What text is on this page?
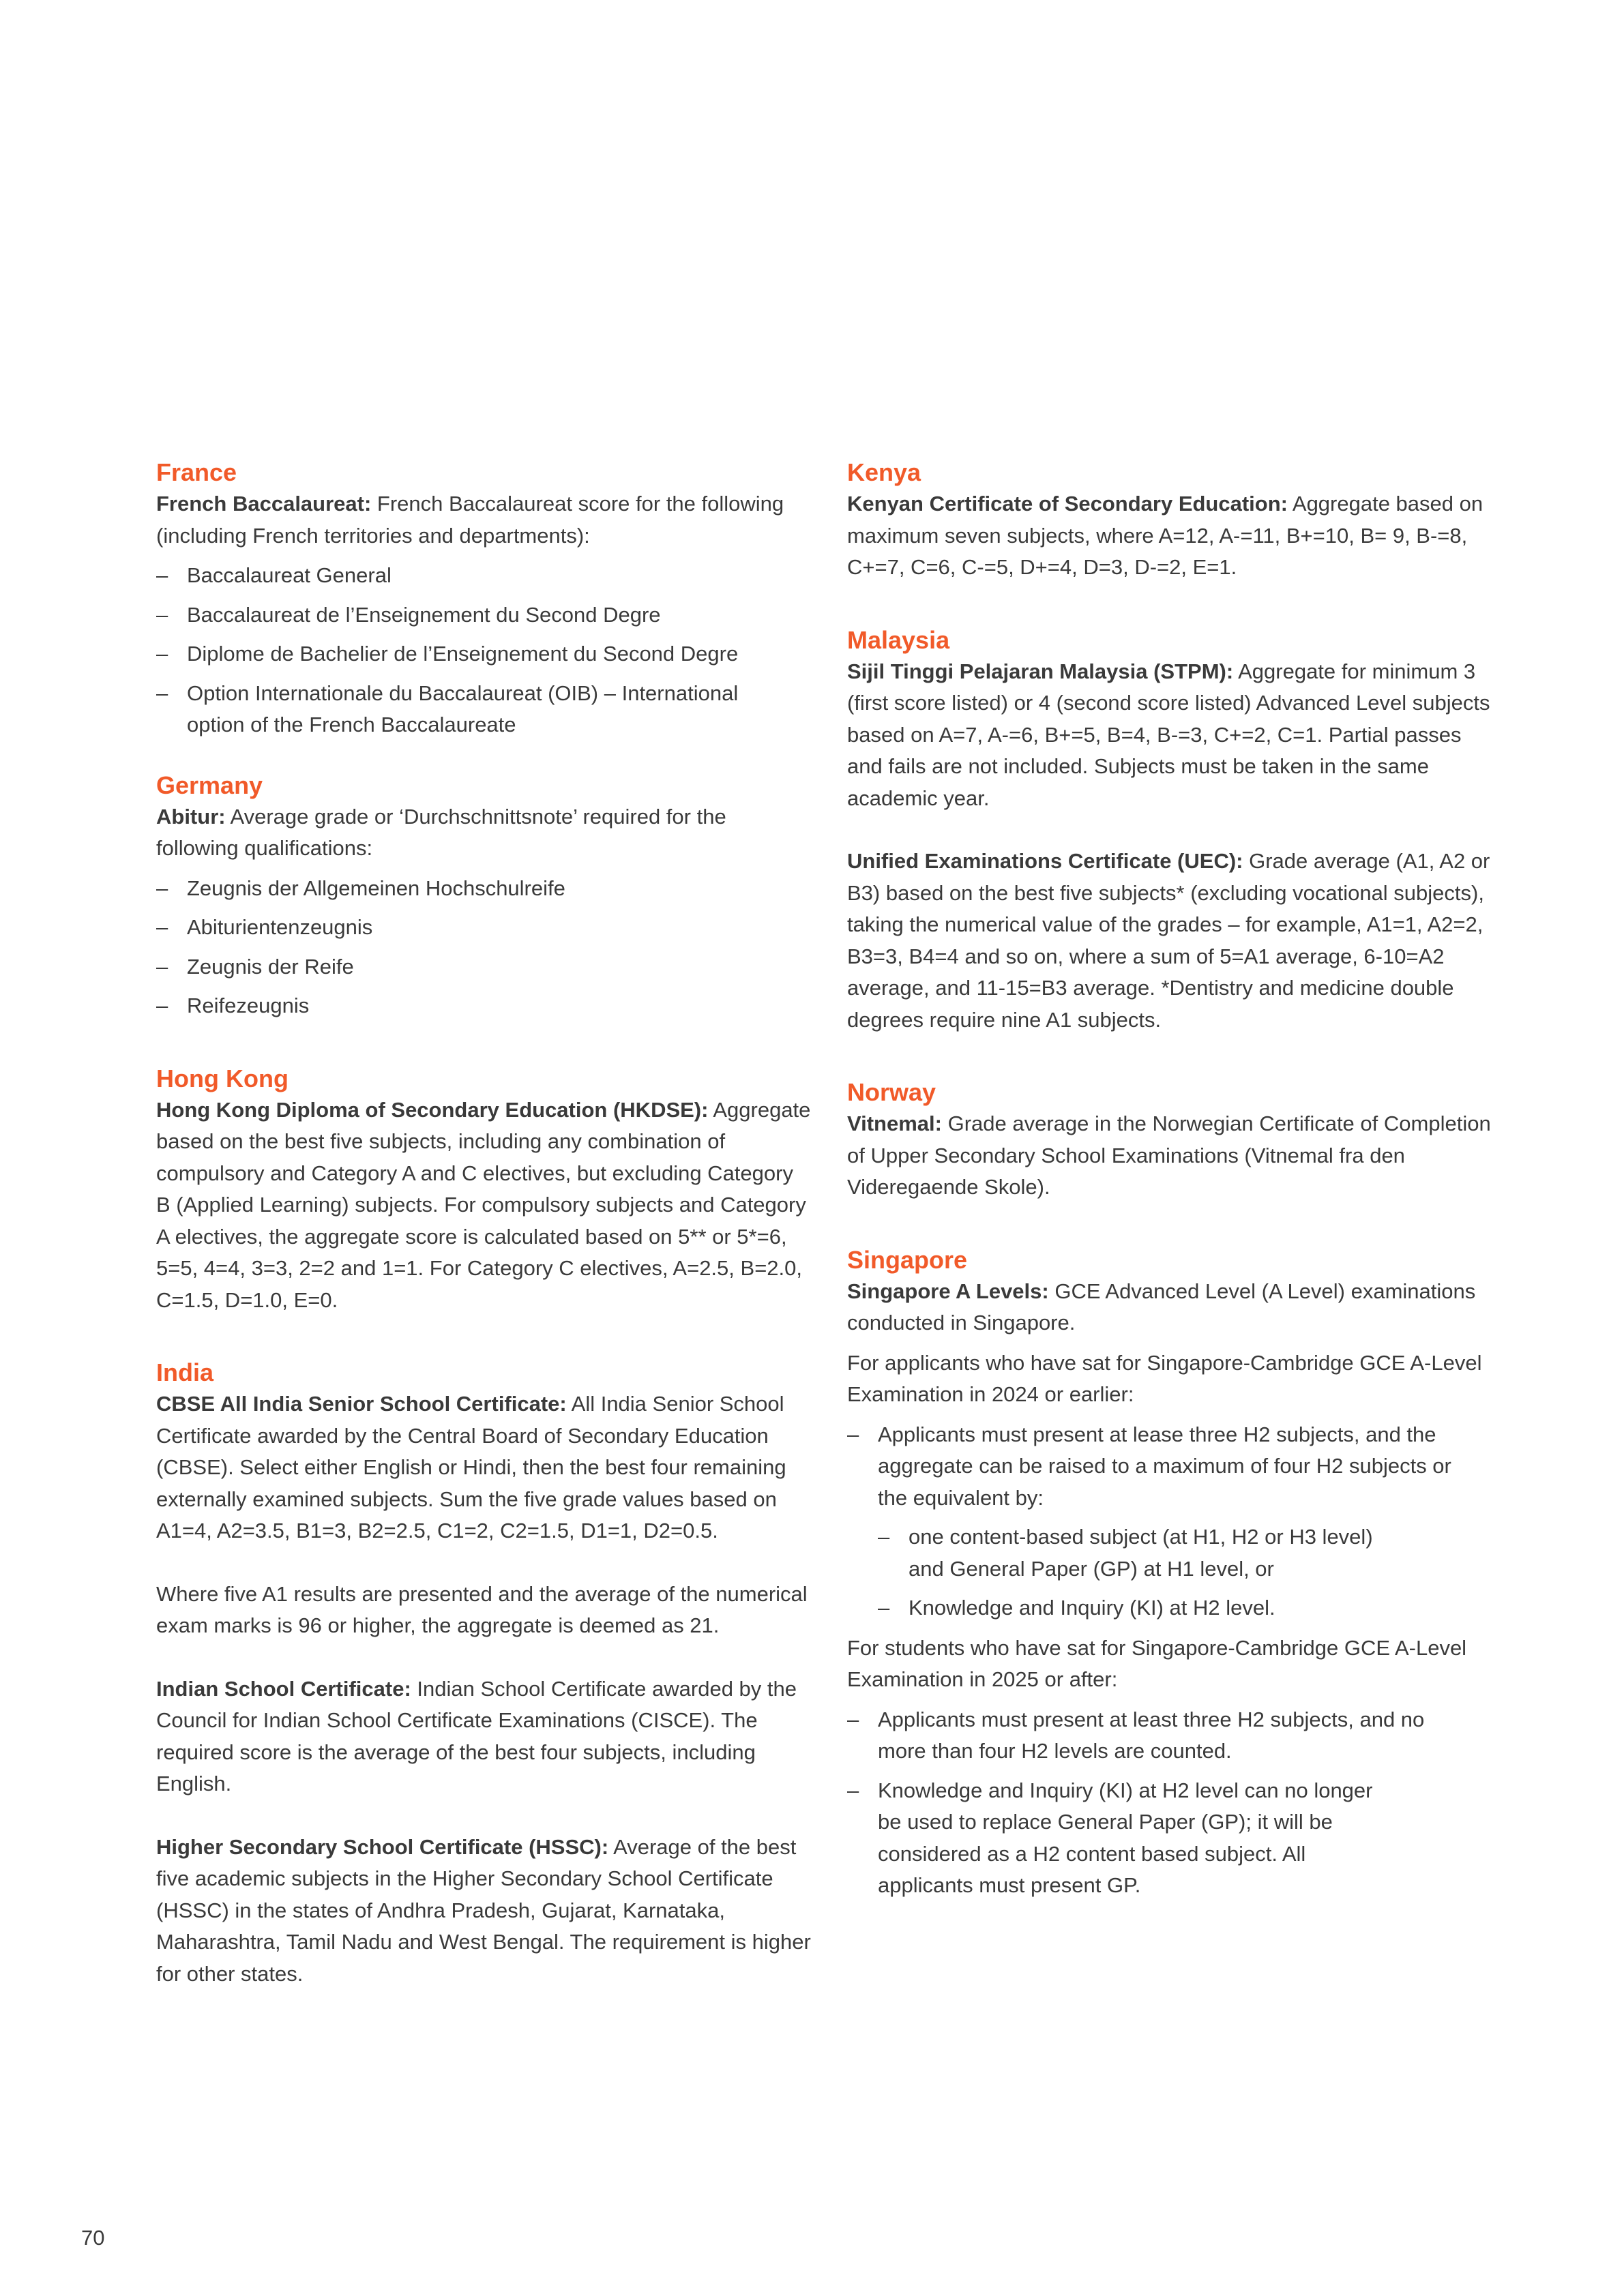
France

French Baccalaureat: French Baccalaureat score for the following (including French territories and departments):

– Baccalaureat General
– Baccalaureat de l’Enseignement du Second Degre
– Diplome de Bachelier de l’Enseignement du Second Degre
– Option Internationale du Baccalaureat (OIB) – International option of the French Baccalaureate
Germany

Abitur: Average grade or ‘Durchschnittsnote’ required for the following qualifications:

– Zeugnis der Allgemeinen Hochschulreife
– Abiturientenzeugnis
– Zeugnis der Reife
– Reifezeugnis
Hong Kong

Hong Kong Diploma of Secondary Education (HKDSE): Aggregate based on the best five subjects, including any combination of compulsory and Category A and C electives, but excluding Category B (Applied Learning) subjects. For compulsory subjects and Category A electives, the aggregate score is calculated based on 5** or 5*=6, 5=5, 4=4, 3=3, 2=2 and 1=1. For Category C electives, A=2.5, B=2.0, C=1.5, D=1.0, E=0.

India

CBSE All India Senior School Certificate: All India Senior School Certificate awarded by the Central Board of Secondary Education (CBSE). Select either English or Hindi, then the best four remaining externally examined subjects. Sum the five grade values based on A1=4, A2=3.5, B1=3, B2=2.5, C1=2, C2=1.5, D1=1, D2=0.5.

Where five A1 results are presented and the average of the numerical exam marks is 96 or higher, the aggregate is deemed as 21.

Indian School Certificate: Indian School Certificate awarded by the Council for Indian School Certificate Examinations (CISCE). The required score is the average of the best four subjects, including English.

Higher Secondary School Certificate (HSSC): Average of the best five academic subjects in the Higher Secondary School Certificate (HSSC) in the states of Andhra Pradesh, Gujarat, Karnataka, Maharashtra, Tamil Nadu and West Bengal. The requirement is higher for other states.

Kenya

Kenyan Certificate of Secondary Education: Aggregate based on maximum seven subjects, where A=12, A-=11, B+=10, B= 9, B-=8, C+=7, C=6, C-=5, D+=4, D=3, D-=2, E=1.

Malaysia

Sijil Tinggi Pelajaran Malaysia (STPM): Aggregate for minimum 3 (first score listed) or 4 (second score listed) Advanced Level subjects based on A=7, A-=6, B+=5, B=4, B-=3, C+=2, C=1. Partial passes and fails are not included. Subjects must be taken in the same academic year.

Unified Examinations Certificate (UEC): Grade average (A1, A2 or B3) based on the best five subjects* (excluding vocational subjects), taking the numerical value of the grades – for example, A1=1, A2=2, B3=3, B4=4 and so on, where a sum of 5=A1 average, 6-10=A2 average, and 11-15=B3 average. *Dentistry and medicine double degrees require nine A1 subjects.

Norway

Vitnemal: Grade average in the Norwegian Certificate of Completion of Upper Secondary School Examinations (Vitnemal fra den Videregaende Skole).

Singapore

Singapore A Levels: GCE Advanced Level (A Level) examinations conducted in Singapore.

For applicants who have sat for Singapore-Cambridge GCE A-Level Examination in 2024 or earlier:

– Applicants must present at lease three H2 subjects, and the aggregate can be raised to a maximum of four H2 subjects or the equivalent by:
– one content-based subject (at H1, H2 or H3 level) and General Paper (GP) at H1 level, or
– Knowledge and Inquiry (KI) at H2 level.

For students who have sat for Singapore-Cambridge GCE A-Level Examination in 2025 or after:

– Applicants must present at least three H2 subjects, and no more than four H2 levels are counted.
– Knowledge and Inquiry (KI) at H2 level can no longer be used to replace General Paper (GP); it will be considered as a H2 content based subject. All applicants must present GP.
70
